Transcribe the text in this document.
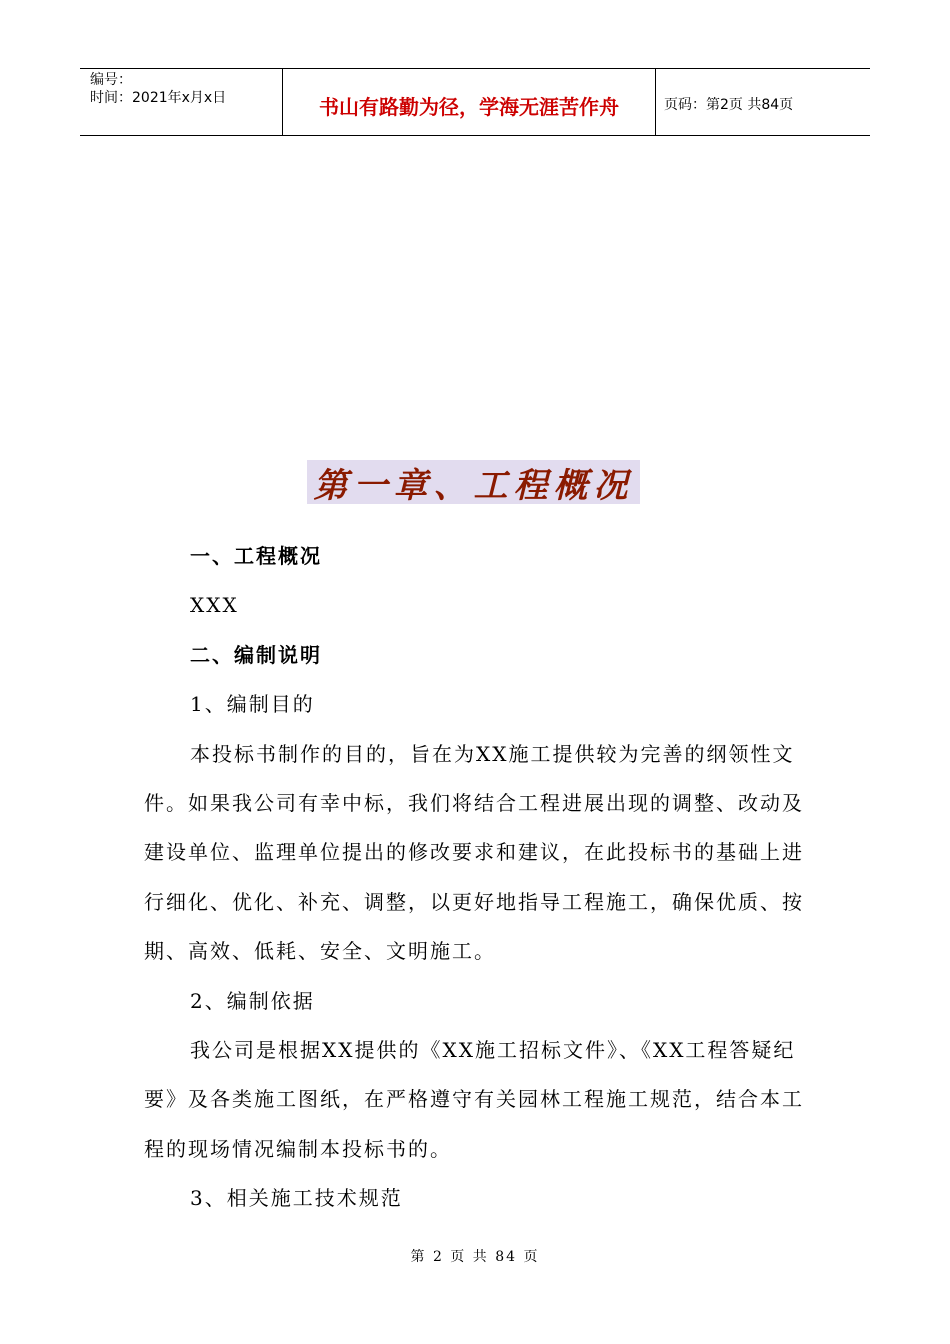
编号：
时间：2021年x月x日	书山有路勤为径，学海无涯苦作舟	页码：第2页 共84页
第一章、工程概况

一、工程概况

XXX

二、编制说明

1、编制目的

本投标书制作的目的，旨在为XX施工提供较为完善的纲领性文件。如果我公司有幸中标，我们将结合工程进展出现的调整、改动及建设单位、监理单位提出的修改要求和建议，在此投标书的基础上进行细化、优化、补充、调整，以更好地指导工程施工，确保优质、按期、高效、低耗、安全、文明施工。

2、编制依据

我公司是根据XX提供的《XX施工招标文件》、《XX工程答疑纪要》及各类施工图纸，在严格遵守有关园林工程施工规范，结合本工程的现场情况编制本投标书的。

3、相关施工技术规范

第 2 页 共 84 页
